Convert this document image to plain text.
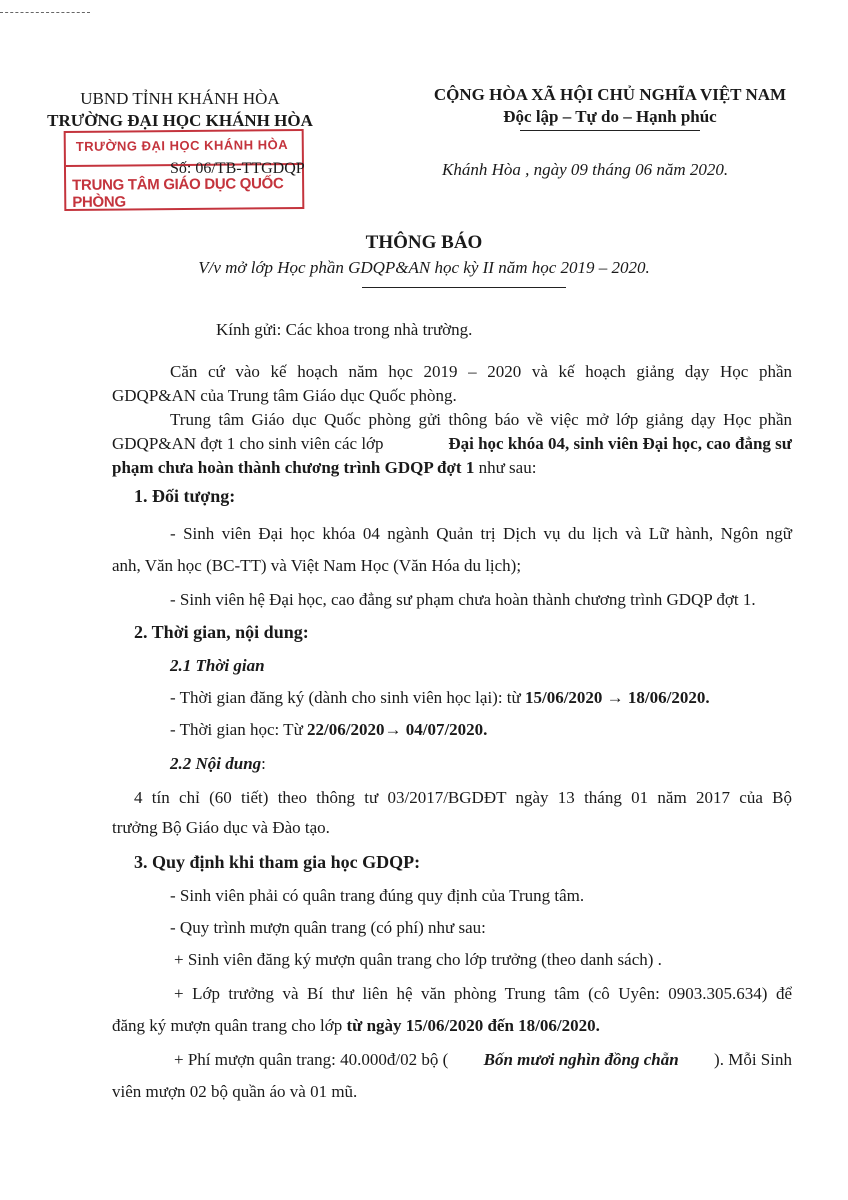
UBND TỈNH KHÁNH HÒA
TRƯỜNG ĐẠI HỌC KHÁNH HÒA
TRƯỜNG ĐẠI HỌC KHÁNH HÒA
TRUNG TÂM GIÁO DỤC QUỐC PHÒNG
Số: 06/TB-TTGDQP
CỘNG HÒA XÃ HỘI CHỦ NGHĨA VIỆT NAM
Độc lập – Tự do – Hạnh phúc
Khánh Hòa , ngày 09 tháng 06 năm 2020.
THÔNG BÁO
V/v mở lớp Học phần GDQP&AN học kỳ II năm học 2019 – 2020.
Kính gửi: Các khoa trong nhà trường.
Căn cứ vào kế hoạch năm học 2019 – 2020 và kế hoạch giảng dạy Học phần
GDQP&AN của Trung tâm Giáo dục Quốc phòng.
Trung tâm Giáo dục Quốc phòng gửi thông báo về việc mở lớp giảng dạy Học phần
GDQP&AN đợt 1 cho sinh viên các lớp	Đại học khóa 04, sinh viên Đại học, cao đẳng sư
phạm chưa hoàn thành chương trình GDQP đợt 1 như sau:
1. Đối tượng:
- Sinh viên Đại học khóa 04 ngành Quản trị Dịch vụ du lịch và Lữ hành, Ngôn ngữ
anh, Văn học (BC-TT) và Việt Nam Học (Văn Hóa du lịch);
- Sinh viên hệ Đại học, cao đẳng sư phạm chưa hoàn thành chương trình GDQP đợt 1.
2. Thời gian, nội dung:
2.1 Thời gian
- Thời gian đăng ký (dành cho sinh viên học lại): từ 15/06/2020 → 18/06/2020.
- Thời gian học: Từ 22/06/2020→ 04/07/2020.
2.2 Nội dung:
4 tín chỉ (60 tiết) theo thông tư 03/2017/BGDĐT ngày 13 tháng 01 năm 2017 của Bộ
trưởng Bộ Giáo dục và Đào tạo.
3. Quy định khi tham gia học GDQP:
- Sinh viên phải có quân trang đúng quy định của Trung tâm.
- Quy trình mượn quân trang (có phí) như sau:
+ Sinh viên đăng ký mượn quân trang cho lớp trưởng (theo danh sách) .
+ Lớp trưởng và Bí thư liên hệ văn phòng Trung tâm (cô Uyên: 0903.305.634) để
đăng ký mượn quân trang cho lớp từ ngày 15/06/2020 đến 18/06/2020.
+ Phí mượn quân trang: 40.000đ/02 bộ ( Bốn mươi nghìn đồng chẵn ). Mỗi Sinh
viên mượn 02 bộ quần áo và 01 mũ.
